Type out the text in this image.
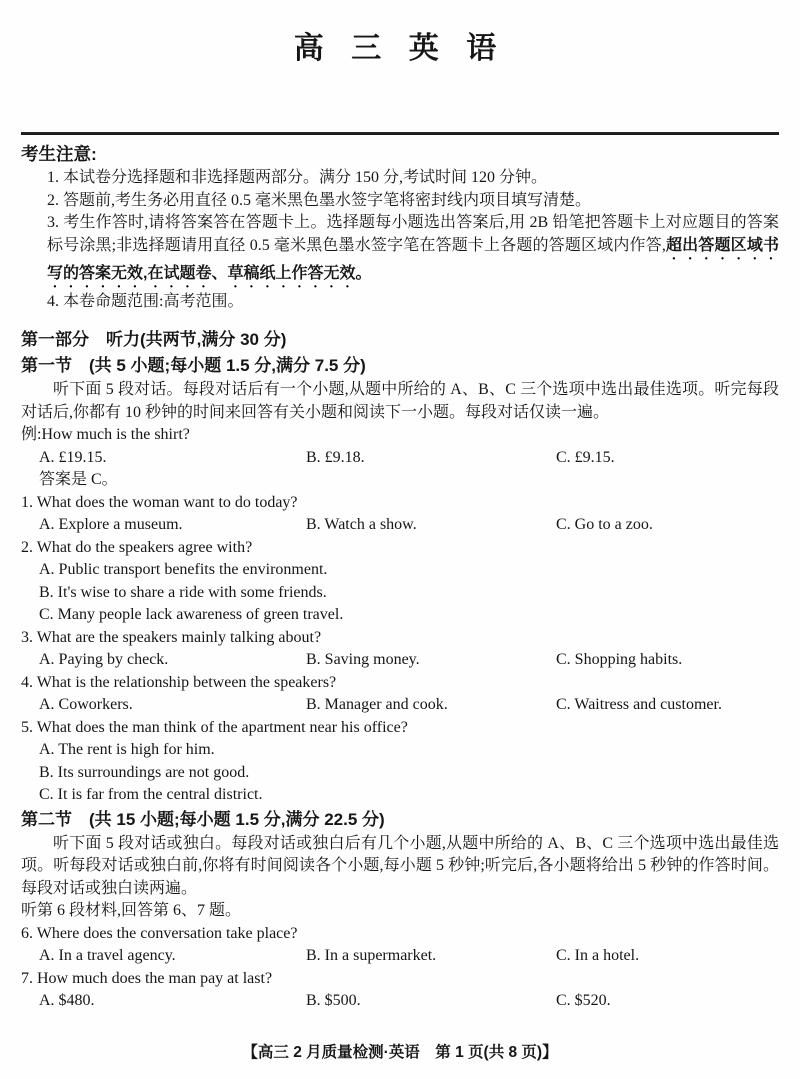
高 三 英 语
考生注意:

1. 本试卷分选择题和非选择题两部分。满分 150 分,考试时间 120 分钟。

2. 答题前,考生务必用直径 0.5 毫米黑色墨水签字笔将密封线内项目填写清楚。

3. 考生作答时,请将答案答在答题卡上。选择题每小题选出答案后,用 2B 铅笔把答题卡上对应题目的答案标号涂黑;非选择题请用直径 0.5 毫米黑色墨水签字笔在答题卡上各题的答题区域内作答,超出答题区域书写的答案无效,在试题卷、草稿纸上作答无效。

4. 本卷命题范围:高考范围。

第一部分　听力(共两节,满分 30 分)
第一节　(共 5 小题;每小题 1.5 分,满分 7.5 分)

听下面 5 段对话。每段对话后有一个小题,从题中所给的 A、B、C 三个选项中选出最佳选项。听完每段对话后,你都有 10 秒钟的时间来回答有关小题和阅读下一小题。每段对话仅读一遍。

例:How much is the shirt?

A. £19.15.	B. £9.18.	C. £9.15.

答案是 C。

1. What does the woman want to do today?

A. Explore a museum.	B. Watch a show.	C. Go to a zoo.

2. What do the speakers agree with?

A. Public transport benefits the environment.
B. It's wise to share a ride with some friends.
C. Many people lack awareness of green travel.

3. What are the speakers mainly talking about?

A. Paying by check.	B. Saving money.	C. Shopping habits.

4. What is the relationship between the speakers?

A. Coworkers.	B. Manager and cook.	C. Waitress and customer.

5. What does the man think of the apartment near his office?

A. The rent is high for him.
B. Its surroundings are not good.
C. It is far from the central district.
第二节　(共 15 小题;每小题 1.5 分,满分 22.5 分)

听下面 5 段对话或独白。每段对话或独白后有几个小题,从题中所给的 A、B、C 三个选项中选出最佳选项。听每段对话或独白前,你将有时间阅读各个小题,每小题 5 秒钟;听完后,各小题将给出 5 秒钟的作答时间。每段对话或独白读两遍。

听第 6 段材料,回答第 6、7 题。

6. Where does the conversation take place?

A. In a travel agency.	B. In a supermarket.	C. In a hotel.

7. How much does the man pay at last?

A. $480.	B. $500.	C. $520.
【高三 2 月质量检测·英语　第 1 页(共 8 页)】
